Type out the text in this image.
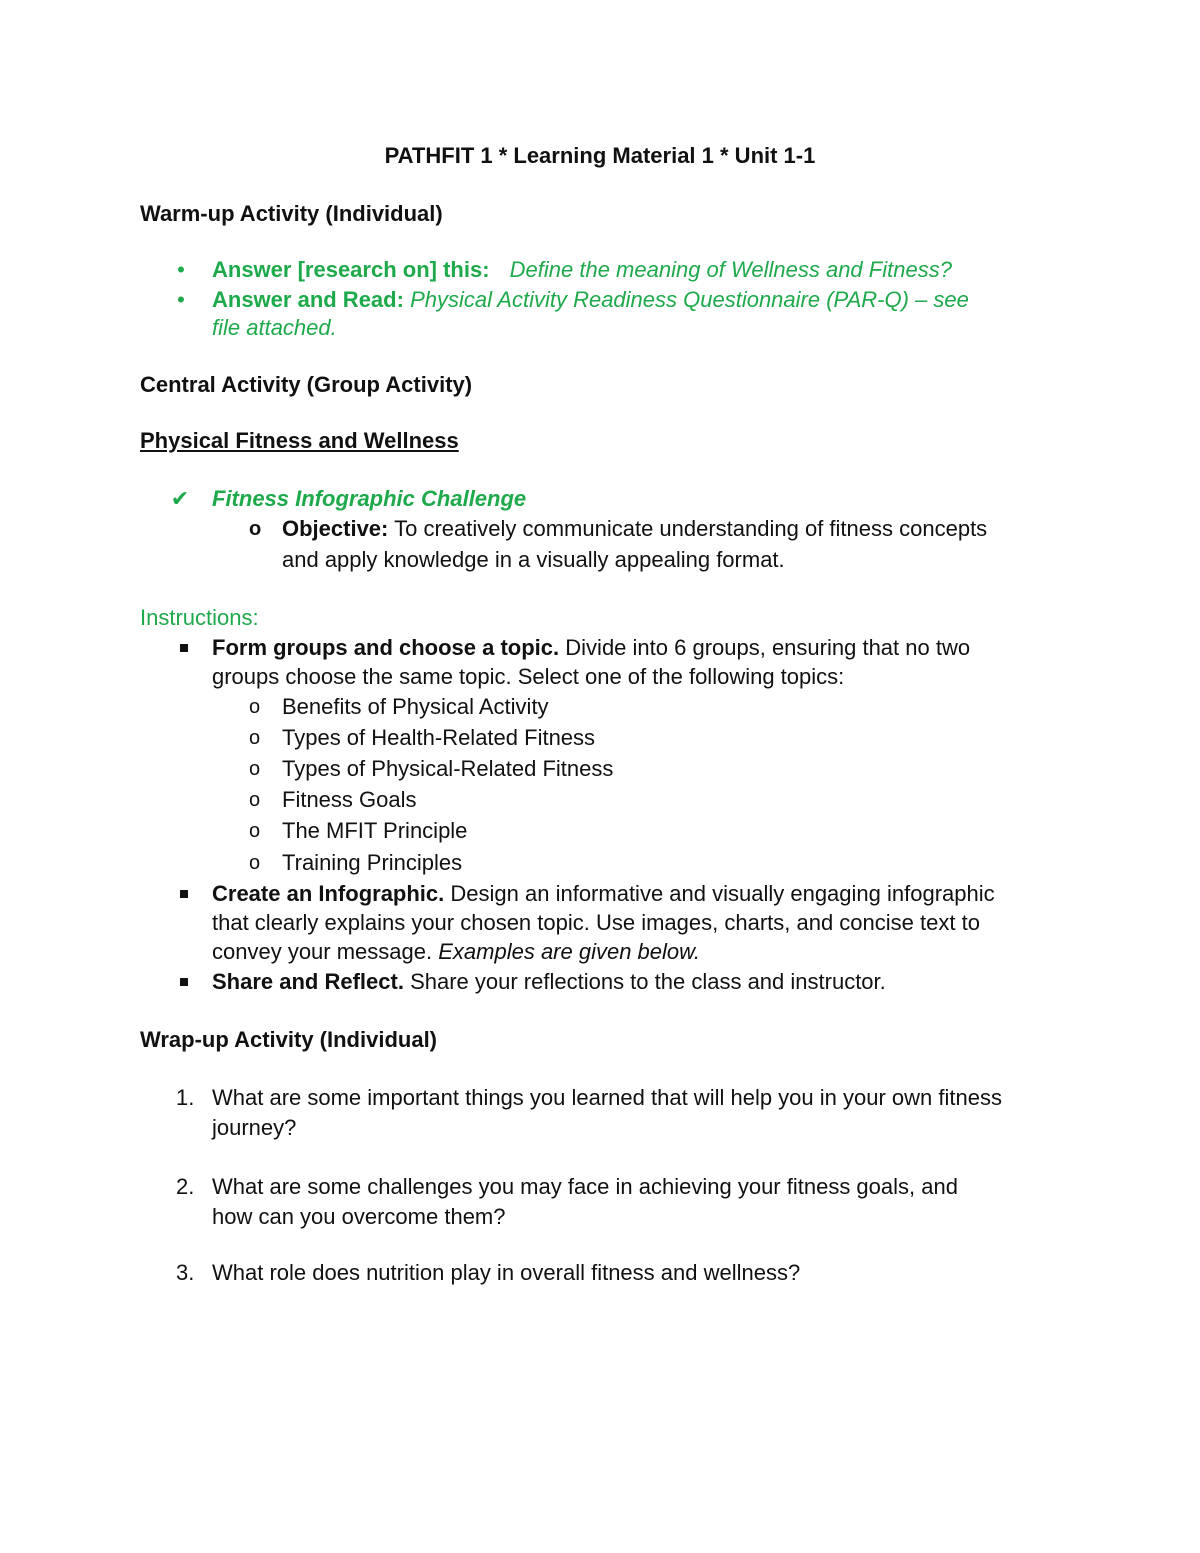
PATHFIT 1 * Learning Material 1 * Unit 1-1
Warm-up Activity (Individual)
• Answer [research on] this: Define the meaning of Wellness and Fitness?
• Answer and Read: Physical Activity Readiness Questionnaire (PAR-Q) – see
file attached.
Central Activity (Group Activity)
Physical Fitness and Wellness
✔ Fitness Infographic Challenge
o Objective: To creatively communicate understanding of fitness concepts
and apply knowledge in a visually appealing format.
Instructions:
Form groups and choose a topic. Divide into 6 groups, ensuring that no two
groups choose the same topic. Select one of the following topics:
o Benefits of Physical Activity
o Types of Health-Related Fitness
o Types of Physical-Related Fitness
o Fitness Goals
o The MFIT Principle
o Training Principles
Create an Infographic. Design an informative and visually engaging infographic
that clearly explains your chosen topic. Use images, charts, and concise text to
convey your message. Examples are given below.
Share and Reflect. Share your reflections to the class and instructor.
Wrap-up Activity (Individual)
1. What are some important things you learned that will help you in your own fitness
journey?
2. What are some challenges you may face in achieving your fitness goals, and
how can you overcome them?
3. What role does nutrition play in overall fitness and wellness?
